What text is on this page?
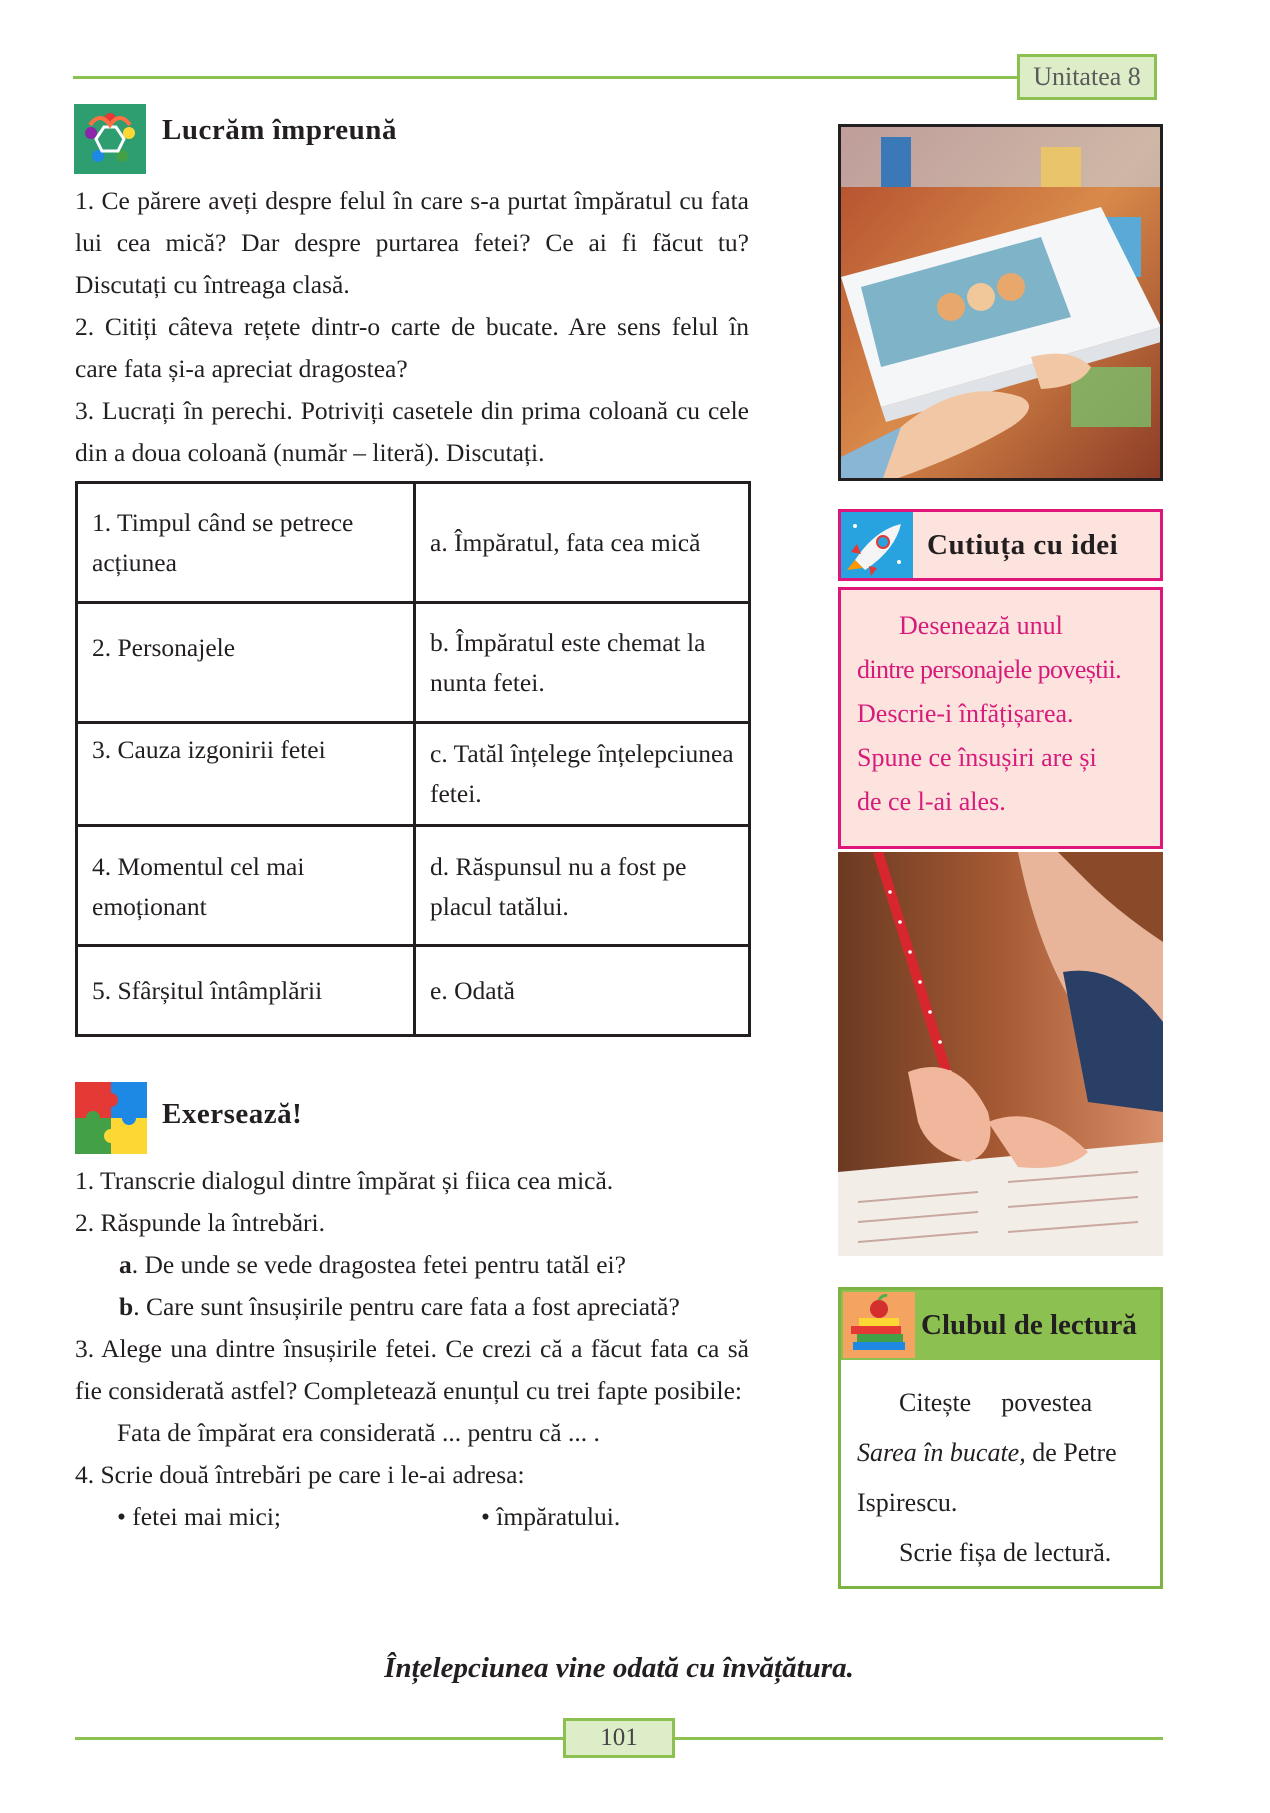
Unitatea 8
Lucrăm împreună

1. Ce părere aveți despre felul în care s-a purtat împăratul cu fata lui cea mică? Dar despre purtarea fetei? Ce ai fi făcut tu? Discutați cu întreaga clasă.

2. Citiți câteva rețete dintr-o carte de bucate. Are sens felul în care fata și-a apreciat dragostea?

3. Lucrați în perechi. Potriviți casetele din prima coloană cu cele din a doua coloană (număr – literă). Discutați.

1. Timpul când se petrece acțiunea	a. Împăratul, fata cea mică
2. Personajele	b. Împăratul este chemat la nunta fetei.
3. Cauza izgonirii fetei	c. Tatăl înțelege înțelepciunea fetei.
4. Momentul cel mai emoționant	d. Răspunsul nu a fost pe placul tatălui.
5. Sfârșitul întâmplării	e. Odată
Exersează!

1. Transcrie dialogul dintre împărat și fiica cea mică.

2. Răspunde la întrebări.

a. De unde se vede dragostea fetei pentru tatăl ei?

b. Care sunt însușirile pentru care fata a fost apreciată?

3. Alege una dintre însușirile fetei. Ce crezi că a făcut fata ca să fie considerată astfel? Completează enunțul cu trei fapte posibile:

Fata de împărat era considerată ... pentru că ... .

4. Scrie două întrebări pe care i le-ai adresa:

• fetei mai mici;	• împăratului.

Cutiuța cu idei

Desenează unul

dintre personajele poveștii.

Descrie-i înfățișarea.

Spune ce însușiri are și

de ce l-ai ales.

Clubul de lectură

Citește povestea

Sarea în bucate, de Petre

Ispirescu.

Scrie fișa de lectură.

Înțelepciunea vine odată cu învățătura.
101
